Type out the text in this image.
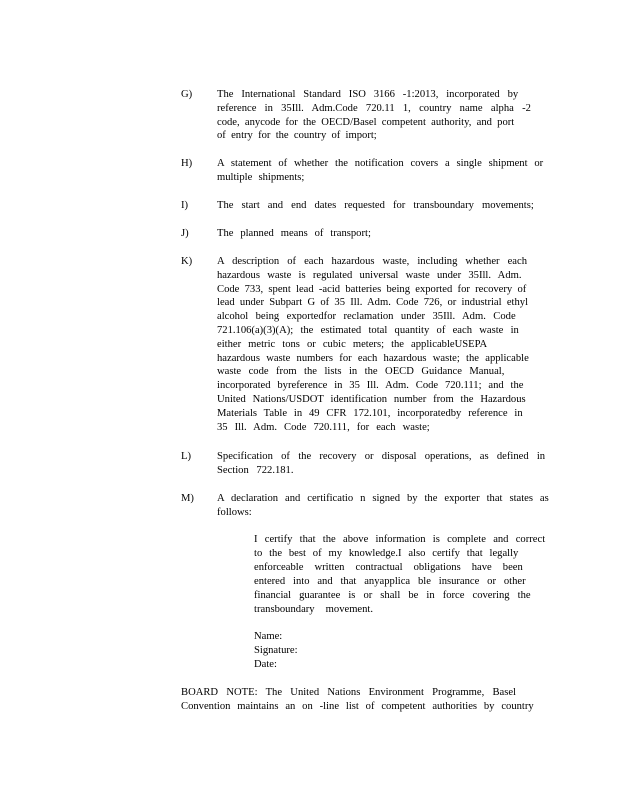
G)	The International Standard ISO 3166 -1:2013, incorporated by
reference in 35Ill. Adm.Code 720.11 1, country name alpha -2
code, anycode for the OECD/Basel competent authority, and port
of entry for the country of import;
H)	A statement of whether the notification covers a single shipment or
multiple shipments;
I)	The start and end dates requested for transboundary movements;
J)	The planned means of transport;
K)	A description of each hazardous waste, including whether each
hazardous waste is regulated universal waste under 35Ill. Adm.
Code 733, spent lead -acid batteries being exported for recovery of
lead under Subpart G of 35 Ill. Adm. Code 726, or industrial ethyl
alcohol being exportedfor reclamation under 35Ill. Adm. Code
721.106(a)(3)(A); the estimated total quantity of each waste in
either metric tons or cubic meters; the applicableUSEPA
hazardous waste numbers for each hazardous waste; the applicable
waste code from the lists in the OECD Guidance Manual,
incorporated byreference in 35 Ill. Adm. Code 720.111; and the
United Nations/USDOT identification number from the Hazardous
Materials Table in 49 CFR 172.101, incorporatedby reference in
35 Ill. Adm. Code 720.111, for each waste;
L)	Specification of the recovery or disposal operations, as defined in
Section 722.181.
M)	A declaration and certificatio n signed by the exporter that states as
follows:
I certify that the above information is complete and correct
to the best of my knowledge.I also certify that legally
enforceable written contractual obligations have been
entered into and that anyapplica ble insurance or other
financial guarantee is or shall be in force covering the
transboundary movement.
Name:
Signature:
Date:
BOARD NOTE: The United Nations Environment Programme, Basel
Convention maintains an on -line list of competent authorities by country
